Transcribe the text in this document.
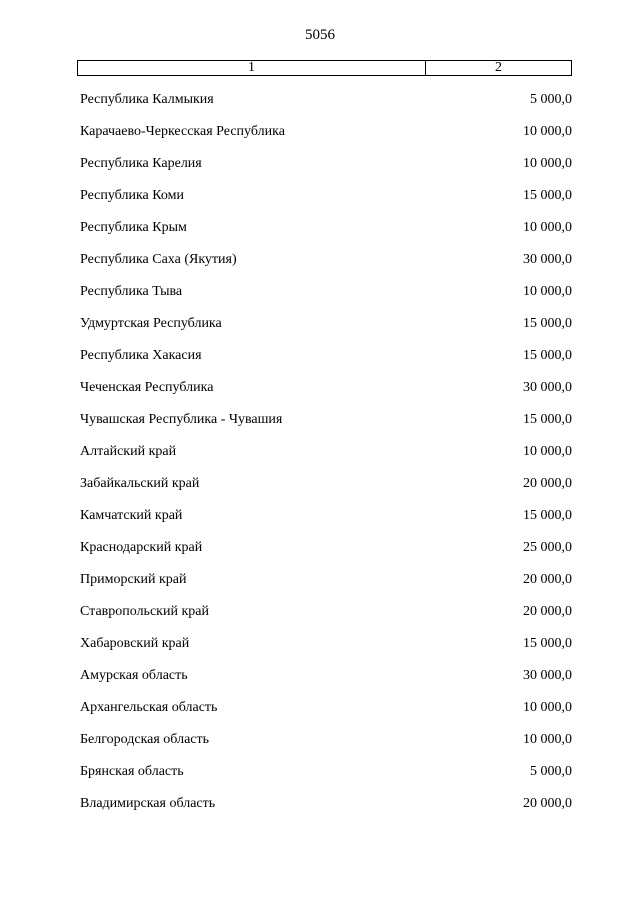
5056
1	2
Республика Калмыкия	5 000,0
Карачаево-Черкесская Республика	10 000,0
Республика Карелия	10 000,0
Республика Коми	15 000,0
Республика Крым	10 000,0
Республика Саха (Якутия)	30 000,0
Республика Тыва	10 000,0
Удмуртская Республика	15 000,0
Республика Хакасия	15 000,0
Чеченская Республика	30 000,0
Чувашская Республика - Чувашия	15 000,0
Алтайский край	10 000,0
Забайкальский край	20 000,0
Камчатский край	15 000,0
Краснодарский край	25 000,0
Приморский край	20 000,0
Ставропольский край	20 000,0
Хабаровский край	15 000,0
Амурская область	30 000,0
Архангельская область	10 000,0
Белгородская область	10 000,0
Брянская область	5 000,0
Владимирская область	20 000,0
